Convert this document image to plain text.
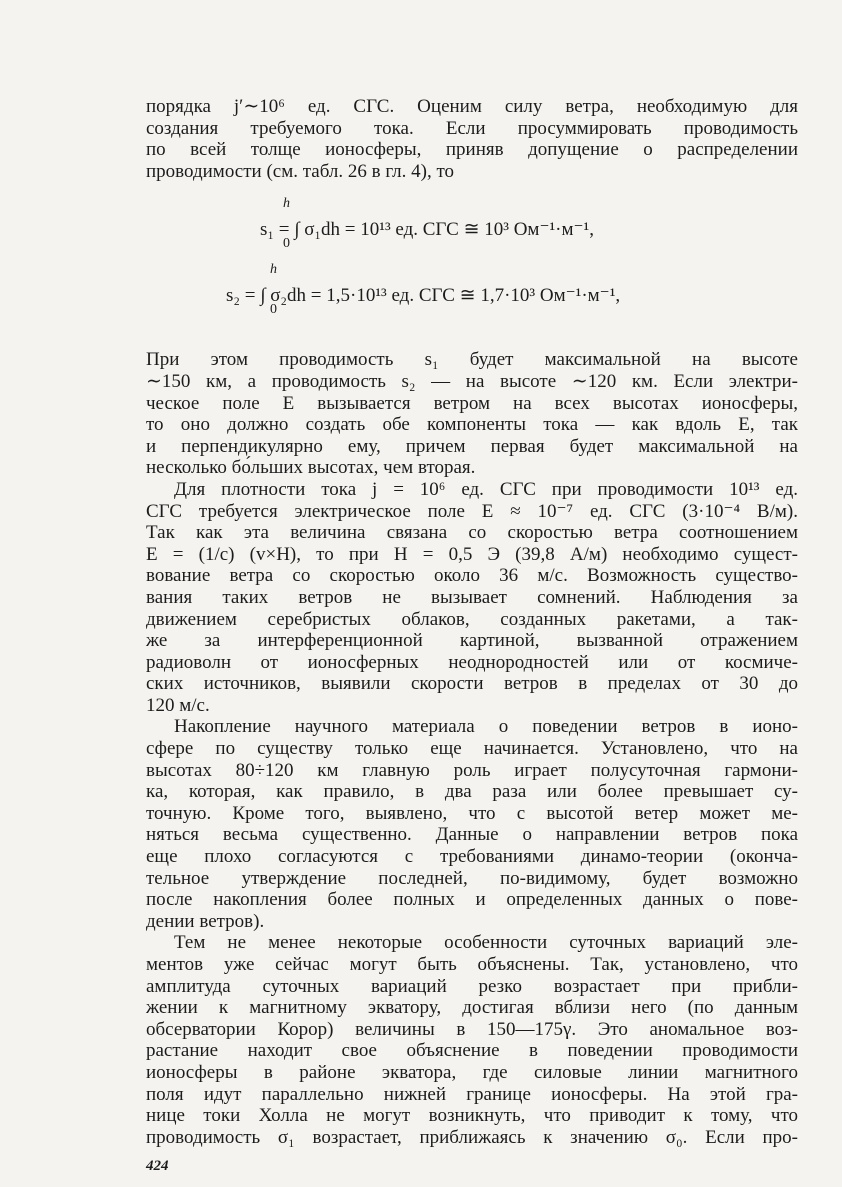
порядка j′∼10⁶ ед. СГС. Оценим силу ветра, необходимую для
создания требуемого тока. Если просуммировать проводимость
по всей толще ионосферы, приняв допущение о распределении
проводимости (см. табл. 26 в гл. 4), то
h
s₁ = ∫ σ₁dh = 10¹³ ед. СГС ≅ 10³ Ом⁻¹·м⁻¹,
0
h
s₂ = ∫ σ₂dh = 1,5·10¹³ ед. СГС ≅ 1,7·10³ Ом⁻¹·м⁻¹,
0
При этом проводимость s₁ будет максимальной на высоте
∼150 км, а проводимость s₂ — на высоте ∼120 км. Если электри-
ческое поле E вызывается ветром на всех высотах ионосферы,
то оно должно создать обе компоненты тока — как вдоль E, так
и перпендикулярно ему, причем первая будет максимальной на
несколько бо́льших высотах, чем вторая.
Для плотности тока j = 10⁶ ед. СГС при проводимости 10¹³ ед.
СГС требуется электрическое поле E ≈ 10⁻⁷ ед. СГС (3·10⁻⁴ В/м).
Так как эта величина связана со скоростью ветра соотношением
E = (1/c) (v×H), то при H = 0,5 Э (39,8 А/м) необходимо сущест-
вование ветра со скоростью около 36 м/с. Возможность существо-
вания таких ветров не вызывает сомнений. Наблюдения за
движением серебристых облаков, созданных ракетами, а так-
же за интерференционной картиной, вызванной отражением
радиоволн от ионосферных неоднородностей или от космиче-
ских источников, выявили скорости ветров в пределах от 30 до
120 м/с.
Накопление научного материала о поведении ветров в ионо-
сфере по существу только еще начинается. Установлено, что на
высотах 80÷120 км главную роль играет полусуточная гармони-
ка, которая, как правило, в два раза или более превышает су-
точную. Кроме того, выявлено, что с высотой ветер может ме-
няться весьма существенно. Данные о направлении ветров пока
еще плохо согласуются с требованиями динамо-теории (оконча-
тельное утверждение последней, по-видимому, будет возможно
после накопления более полных и определенных данных о пове-
дении ветров).
Тем не менее некоторые особенности суточных вариаций эле-
ментов уже сейчас могут быть объяснены. Так, установлено, что
амплитуда суточных вариаций резко возрастает при прибли-
жении к магнитному экватору, достигая вблизи него (по данным
обсерватории Корор) величины в 150—175γ. Это аномальное воз-
растание находит свое объяснение в поведении проводимости
ионосферы в районе экватора, где силовые линии магнитного
поля идут параллельно нижней границе ионосферы. На этой гра-
нице токи Холла не могут возникнуть, что приводит к тому, что
проводимость σ₁ возрастает, приближаясь к значению σ₀. Если про-
424
